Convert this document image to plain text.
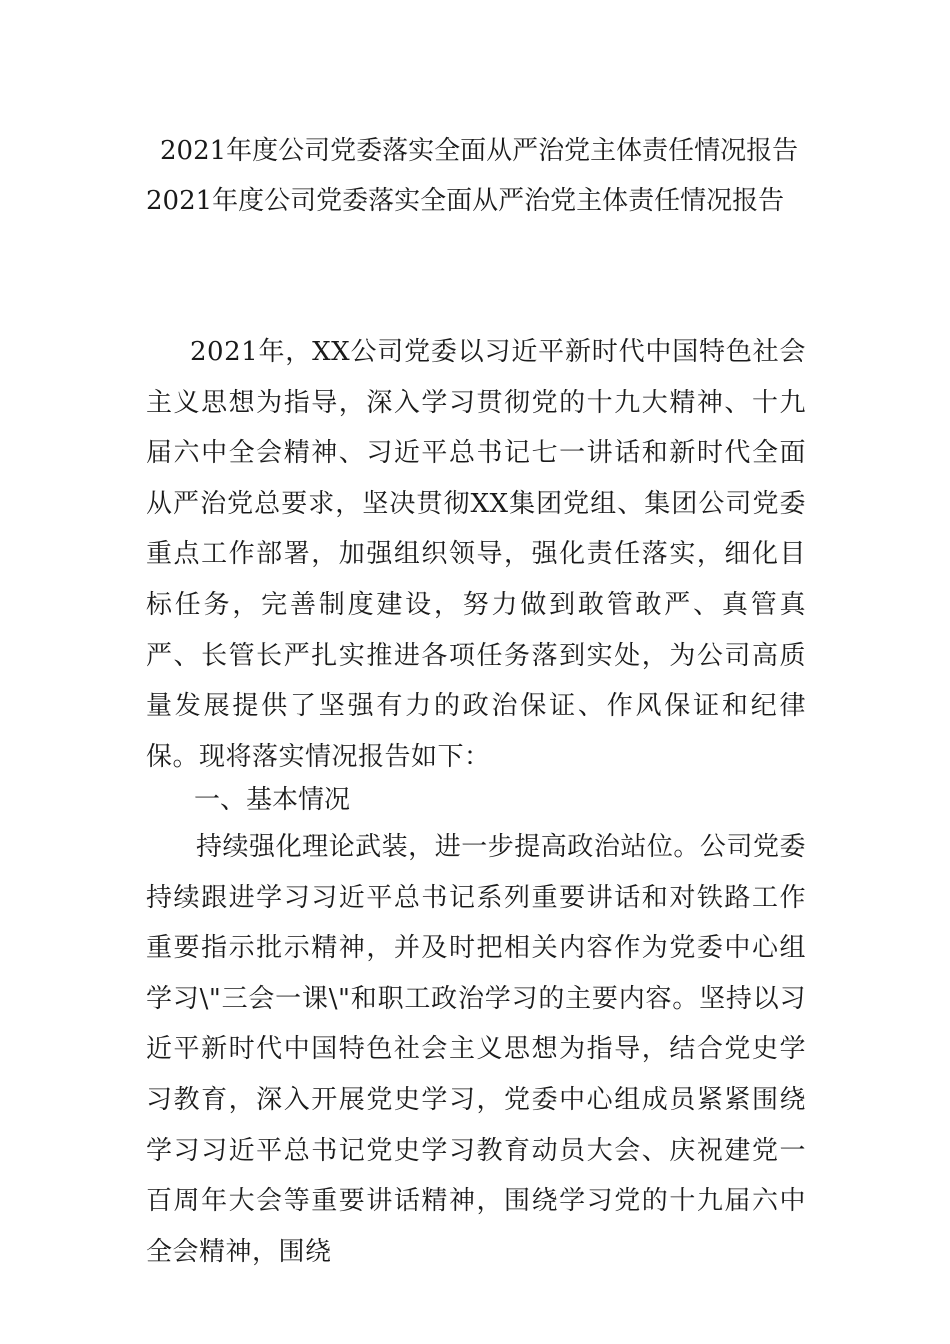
2021年度公司党委落实全面从严治党主体责任情况报告
2021年度公司党委落实全面从严治党主体责任情况报告
2021年，XX公司党委以习近平新时代中国特色社会主义思想为指导，深入学习贯彻党的十九大精神、十九届六中全会精神、习近平总书记七一讲话和新时代全面从严治党总要求，坚决贯彻XX集团党组、集团公司党委重点工作部署，加强组织领导，强化责任落实，细化目标任务，完善制度建设，努力做到敢管敢严、真管真严、长管长严扎实推进各项任务落到实处，为公司高质量发展提供了坚强有力的政治保证、作风保证和纪律保。现将落实情况报告如下：
一、基本情况
持续强化理论武装，进一步提高政治站位。公司党委持续跟进学习习近平总书记系列重要讲话和对铁路工作重要指示批示精神，并及时把相关内容作为党委中心组学习\"三会一课\"和职工政治学习的主要内容。坚持以习近平新时代中国特色社会主义思想为指导，结合党史学习教育，深入开展党史学习，党委中心组成员紧紧围绕学习习近平总书记党史学习教育动员大会、庆祝建党一百周年大会等重要讲话精神，围绕学习党的十九届六中全会精神，围绕
